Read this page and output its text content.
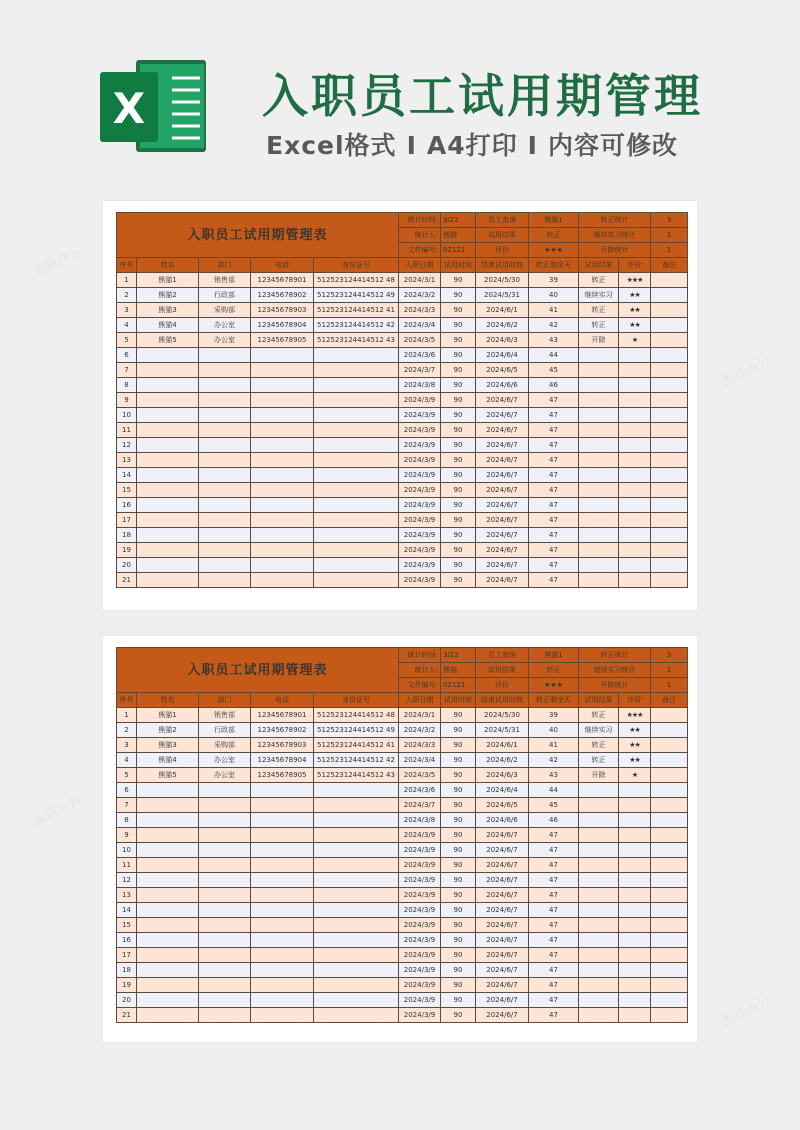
X	入职员工试用期管理
Excel格式 I A4打印 I 内容可修改
入职员工试用期管理表					统计时间:	3/22	员工查询	熊猫1	转正统计		3
					统计人:	熊猫	试用结果	转正	继续实习统计		1
					文件编号:	02121	评价	★★★	开除统计		1
序号	姓名	部门	电话	身份证号	入职日期	试用时间	结束试用时间	转正剩余天	试用结果	评价	备注
1	熊猫1	销售部	12345678901	512523124414512 48	2024/3/1	90	2024/5/30	39	转正	★★★	
2	熊猫2	行政部	12345678902	512523124414512 49	2024/3/2	90	2024/5/31	40	继续实习	★★	
3	熊猫3	采购部	12345678903	512523124414512 41	2024/3/3	90	2024/6/1	41	转正	★★	
4	熊猫4	办公室	12345678904	512523124414512 42	2024/3/4	90	2024/6/2	42	转正	★★	
5	熊猫5	办公室	12345678905	512523124414512 43	2024/3/5	90	2024/6/3	43	开除	★	
6					2024/3/6	90	2024/6/4	44			
7					2024/3/7	90	2024/6/5	45			
8					2024/3/8	90	2024/6/6	46			
9					2024/3/9	90	2024/6/7	47			
10					2024/3/9	90	2024/6/7	47			
11					2024/3/9	90	2024/6/7	47			
12					2024/3/9	90	2024/6/7	47			
13					2024/3/9	90	2024/6/7	47			
14					2024/3/9	90	2024/6/7	47			
15					2024/3/9	90	2024/6/7	47			
16					2024/3/9	90	2024/6/7	47			
17					2024/3/9	90	2024/6/7	47			
18					2024/3/9	90	2024/6/7	47			
19					2024/3/9	90	2024/6/7	47			
20					2024/3/9	90	2024/6/7	47			
21					2024/3/9	90	2024/6/7	47			
入职员工试用期管理表					统计时间:	3/22	员工查询	熊猫1	转正统计		3
					统计人:	熊猫	试用结果	转正	继续实习统计		1
					文件编号:	02121	评价	★★★	开除统计		1
序号	姓名	部门	电话	身份证号	入职日期	试用时间	结束试用时间	转正剩余天	试用结果	评价	备注
1	熊猫1	销售部	12345678901	512523124414512 48	2024/3/1	90	2024/5/30	39	转正	★★★	
2	熊猫2	行政部	12345678902	512523124414512 49	2024/3/2	90	2024/5/31	40	继续实习	★★	
3	熊猫3	采购部	12345678903	512523124414512 41	2024/3/3	90	2024/6/1	41	转正	★★	
4	熊猫4	办公室	12345678904	512523124414512 42	2024/3/4	90	2024/6/2	42	转正	★★	
5	熊猫5	办公室	12345678905	512523124414512 43	2024/3/5	90	2024/6/3	43	开除	★	
6					2024/3/6	90	2024/6/4	44			
7					2024/3/7	90	2024/6/5	45			
8					2024/3/8	90	2024/6/6	46			
9					2024/3/9	90	2024/6/7	47			
10					2024/3/9	90	2024/6/7	47			
11					2024/3/9	90	2024/6/7	47			
12					2024/3/9	90	2024/6/7	47			
13					2024/3/9	90	2024/6/7	47			
14					2024/3/9	90	2024/6/7	47			
15					2024/3/9	90	2024/6/7	47			
16					2024/3/9	90	2024/6/7	47			
17					2024/3/9	90	2024/6/7	47			
18					2024/3/9	90	2024/6/7	47			
19					2024/3/9	90	2024/6/7	47			
20					2024/3/9	90	2024/6/7	47			
21					2024/3/9	90	2024/6/7	47			
熊猫办公
熊猫办公
熊猫办公
熊猫办公
